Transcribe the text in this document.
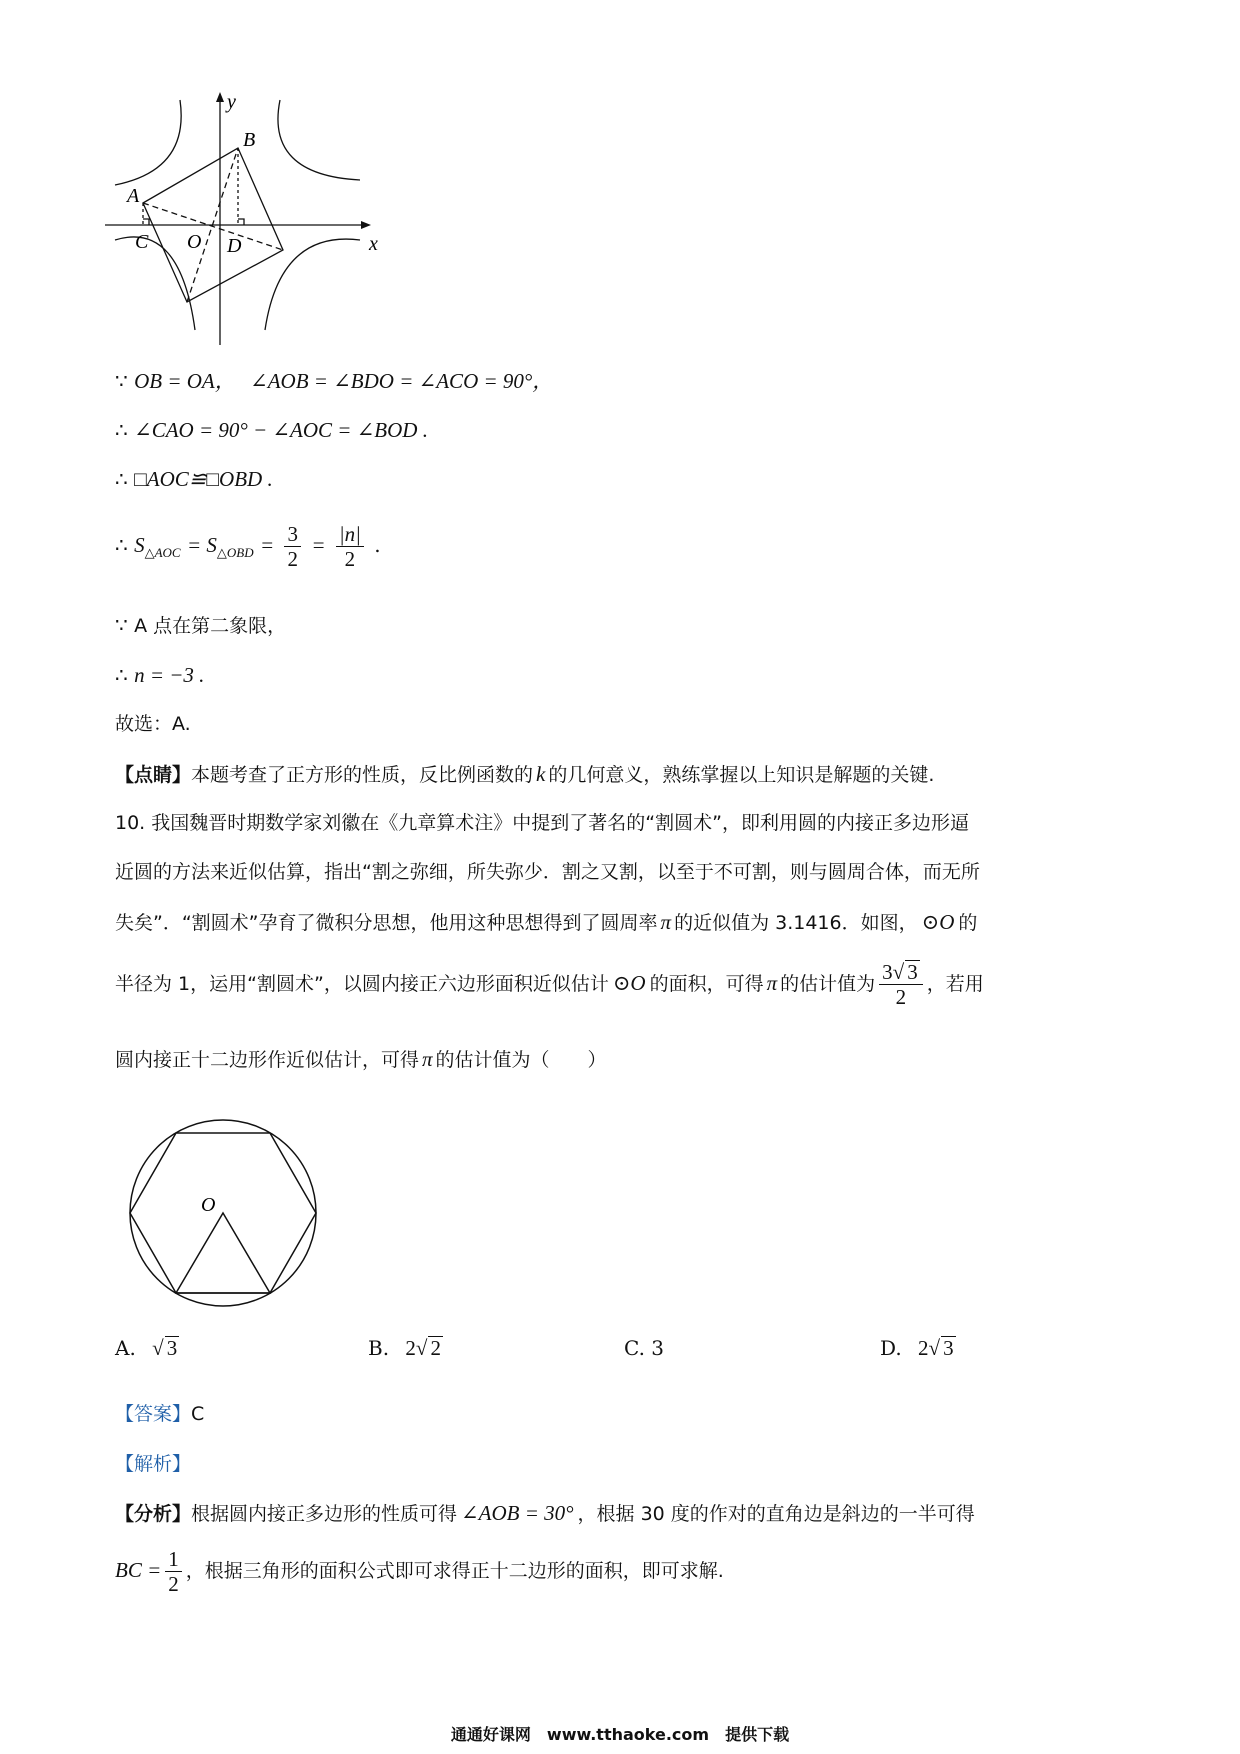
y
x
A
B
C O D
∵ OB = OA， ∠AOB = ∠BDO = ∠ACO = 90°，
∴ ∠CAO = 90° − ∠AOC = ∠BOD .
∴ □AOC≌□OBD .
∴ $S_{\triangle AOC} = S_{\triangle OBD} = \frac{3}{2} = \frac{|n|}{2}$ .
∵ A 点在第二象限，
∴ n = −3 .
故选：A.
【点睛】本题考查了正方形的性质，反比例函数的 k 的几何意义，熟练掌握以上知识是解题的关键.
10. 我国魏晋时期数学家刘徽在《九章算术注》中提到了著名的“割圆术”，即利用圆的内接正多边形逼
近圆的方法来近似估算，指出“割之弥细，所失弥少．割之又割，以至于不可割，则与圆周合体，而无所
失矣”．“割圆术”孕育了微积分思想，他用这种思想得到了圆周率 π 的近似值为 3.1416．如图， ⊙O 的
半径为 1，运用“割圆术”，以圆内接正六边形面积近似估计 ⊙O 的面积，可得 π 的估计值为 $\frac{3√ 3}{2}$ ，若用
圆内接正十二边形作近似估计，可得 π 的估计值为（　　）
O
A. √ 3	B. 2√ 2	C. 3	D. 2√ 3
【答案】C
【解析】
【分析】根据圆内接正多边形的性质可得 ∠AOB = 30° ，根据 30 度的作对的直角边是斜边的一半可得
BC = $\frac{1}{2}$ ，根据三角形的面积公式即可求得正十二边形的面积，即可求解.
通通好课网　www.tthaoke.com　提供下载
